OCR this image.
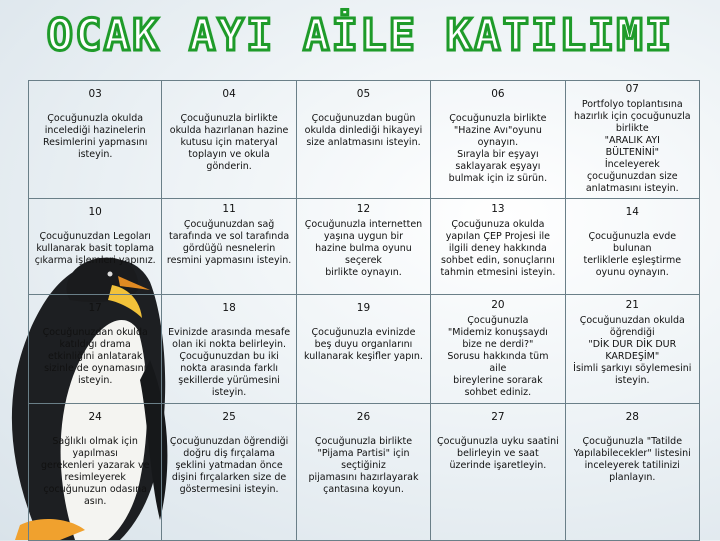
OCAK AYI AİLE KATILIMI
03
Çocuğunuzla okulda
incelediği hazinelerin
Resimlerini yapmasını
isteyin.
04
Çocuğunuzla birlikte
okulda hazırlanan hazine
kutusu için materyal
toplayın ve okula
gönderin.
05
Çocuğunuzdan bugün
okulda dinlediği hikayeyi
size anlatmasını isteyin.
06
Çocuğunuzla birlikte
"Hazine Avı"oyunu
oynayın.
Sırayla bir eşyayı
saklayarak eşyayı
bulmak için iz sürün.
07
Portfolyo toplantısına
hazırlık için çocuğunuzla
birlikte
"ARALIK AYI
BÜLTENİNİ"
İnceleyerek
çocuğunuzdan size
anlatmasını isteyin.
10
Çocuğunuzdan Legoları
kullanarak basit toplama
çıkarma işlemleri yapınız.
11
Çocuğunuzdan sağ
tarafında ve sol tarafında
gördüğü nesnelerin
resmini yapmasını isteyin.
12
Çocuğunuzla internetten
yaşına uygun bir
hazine bulma oyunu
seçerek
birlikte oynayın.
13
Çocuğunuza okulda
yapılan ÇEP Projesi ile
ilgili deney hakkında
sohbet edin, sonuçlarını
tahmin etmesini isteyin.
14
Çocuğunuzla evde bulunan
terliklerle eşleştirme
oyunu oynayın.
17
Çocuğunuzdan okulda
katıldığı drama
etkinliğini anlatarak
sizinle de oynamasını
isteyin.
18
Evinizde arasında mesafe
olan iki nokta belirleyin.
Çocuğunuzdan bu iki
nokta arasında farklı
şekillerde yürümesini
isteyin.
19
Çocuğunuzla evinizde
beş duyu organlarını
kullanarak keşifler yapın.
20
Çocuğunuzla
"Midemiz konuşsaydı
bize ne derdi?"
Sorusu hakkında tüm
aile
bireylerine sorarak
sohbet ediniz.
21
Çocuğunuzdan okulda
öğrendiği
"DİK DUR DİK DUR
KARDEŞİM"
İsimli şarkıyı söylemesini
isteyin.
24
Sağlıklı olmak için
yapılması
gerekenleri yazarak ve
resimleyerek
çocuğunuzun odasına
asın.
25
Çocuğunuzdan öğrendiği
doğru diş fırçalama
şeklini yatmadan önce
dişini fırçalarken size de
göstermesini isteyin.
26
Çocuğunuzla birlikte
"Pijama Partisi" için
seçtiğiniz
pijamasını hazırlayarak
çantasına koyun.
27
Çocuğunuzla uyku saatini
belirleyin ve saat
üzerinde işaretleyin.
28
Çocuğunuzla "Tatilde
Yapılabilecekler" listesini
inceleyerek tatilinizi
planlayın.
